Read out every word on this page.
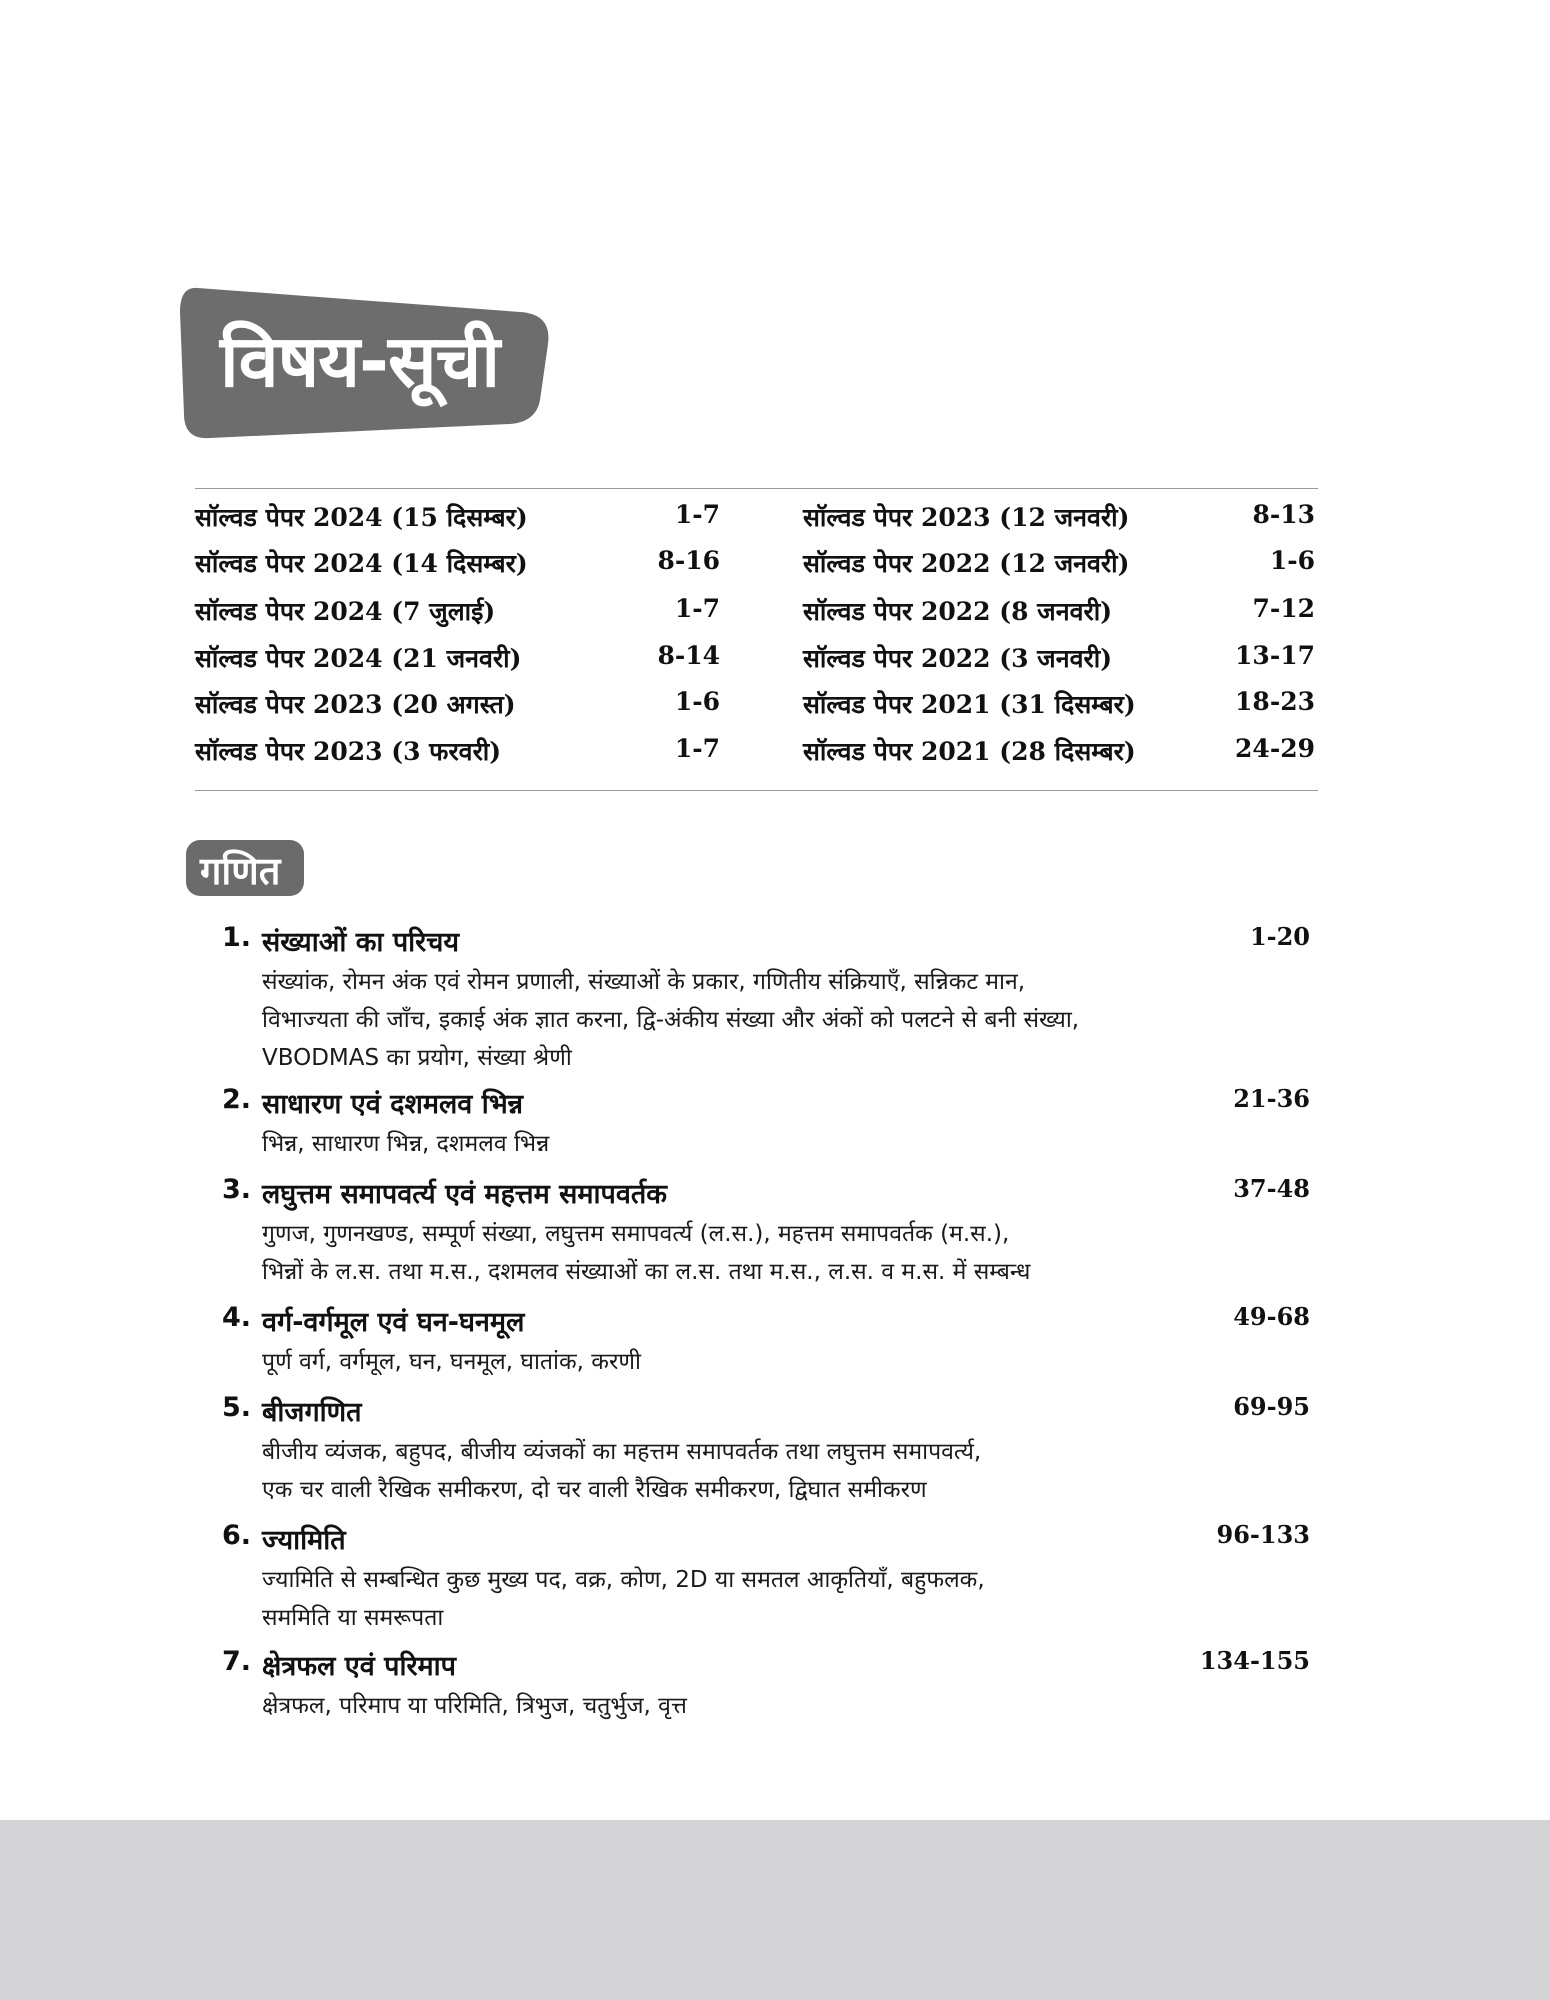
विषय-सूची
सॉल्वड पेपर 2024 (15 दिसम्बर)	1-7	सॉल्वड पेपर 2023 (12 जनवरी)	8-13
सॉल्वड पेपर 2024 (14 दिसम्बर)	8-16	सॉल्वड पेपर 2022 (12 जनवरी)	1-6
सॉल्वड पेपर 2024 (7 जुलाई)	1-7	सॉल्वड पेपर 2022 (8 जनवरी)	7-12
सॉल्वड पेपर 2024 (21 जनवरी)	8-14	सॉल्वड पेपर 2022 (3 जनवरी)	13-17
सॉल्वड पेपर 2023 (20 अगस्त)	1-6	सॉल्वड पेपर 2021 (31 दिसम्बर)	18-23
सॉल्वड पेपर 2023 (3 फरवरी)	1-7	सॉल्वड पेपर 2021 (28 दिसम्बर)	24-29
गणित
1. संख्याओं का परिचय	1-20
संख्यांक, रोमन अंक एवं रोमन प्रणाली, संख्याओं के प्रकार, गणितीय संक्रियाएँ, सन्निकट मान,
विभाज्यता की जाँच, इकाई अंक ज्ञात करना, द्वि-अंकीय संख्या और अंकों को पलटने से बनी संख्या,
VBODMAS का प्रयोग, संख्या श्रेणी
2. साधारण एवं दशमलव भिन्न	21-36
भिन्न, साधारण भिन्न, दशमलव भिन्न
3. लघुत्तम समापवर्त्य एवं महत्तम समापवर्तक	37-48
गुणज, गुणनखण्ड, सम्पूर्ण संख्या, लघुत्तम समापवर्त्य (ल.स.), महत्तम समापवर्तक (म.स.),
भिन्नों के ल.स. तथा म.स., दशमलव संख्याओं का ल.स. तथा म.स., ल.स. व म.स. में सम्बन्ध
4. वर्ग-वर्गमूल एवं घन-घनमूल	49-68
पूर्ण वर्ग, वर्गमूल, घन, घनमूल, घातांक, करणी
5. बीजगणित	69-95
बीजीय व्यंजक, बहुपद, बीजीय व्यंजकों का महत्तम समापवर्तक तथा लघुत्तम समापवर्त्य,
एक चर वाली रैखिक समीकरण, दो चर वाली रैखिक समीकरण, द्विघात समीकरण
6. ज्यामिति	96-133
ज्यामिति से सम्बन्धित कुछ मुख्य पद, वक्र, कोण, 2D या समतल आकृतियाँ, बहुफलक,
सममिति या समरूपता
7. क्षेत्रफल एवं परिमाप	134-155
क्षेत्रफल, परिमाप या परिमिति, त्रिभुज, चतुर्भुज, वृत्त
